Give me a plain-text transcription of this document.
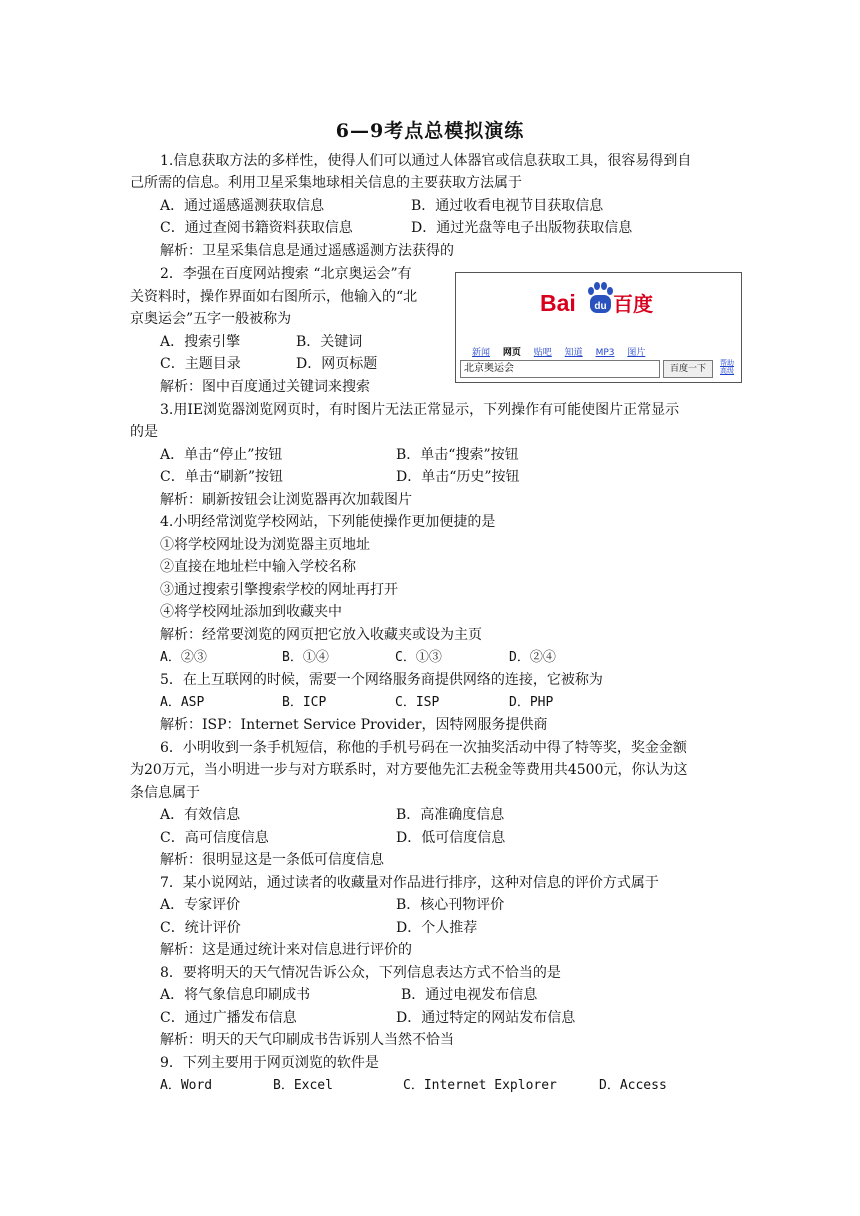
6—9考点总模拟演练
1.信息获取方法的多样性，使得人们可以通过人体器官或信息获取工具，很容易得到自
己所需的信息。利用卫星采集地球相关信息的主要获取方法属于
A．通过遥感遥测获取信息	B．通过收看电视节目获取信息
C．通过查阅书籍资料获取信息	D．通过光盘等电子出版物获取信息
解析：卫星采集信息是通过遥感遥测方法获得的
2．李强在百度网站搜索 “北京奥运会”有
关资料时，操作界面如右图所示，他输入的“北
京奥运会”五字一般被称为
A．搜索引擎	B．关键词
C．主题目录	D．网页标题
解析：图中百度通过关键词来搜索
Bai du 百度
新闻 网页 贴吧 知道 MP3 图片
北京奥运会	百度一下
帮助
高级
3.用IE浏览器浏览网页时，有时图片无法正常显示，下列操作有可能使图片正常显示
的是
A．单击“停止”按钮	B．单击“搜索”按钮
C．单击“刷新”按钮	D．单击“历史”按钮
解析：刷新按钮会让浏览器再次加载图片
4.小明经常浏览学校网站，下列能使操作更加便捷的是
①将学校网址设为浏览器主页地址
②直接在地址栏中输入学校名称
③通过搜索引擎搜索学校的网址再打开
④将学校网址添加到收藏夹中
解析：经常要浏览的网页把它放入收藏夹或设为主页
A．②③	B．①④	C．①③	D．②④
5．在上互联网的时候，需要一个网络服务商提供网络的连接，它被称为
A．ASP	B．ICP	C．ISP	D．PHP
解析：ISP：Internet Service Provider，因特网服务提供商
6．小明收到一条手机短信，称他的手机号码在一次抽奖活动中得了特等奖，奖金金额
为20万元，当小明进一步与对方联系时，对方要他先汇去税金等费用共4500元，你认为这
条信息属于
A．有效信息	B．高准确度信息
C．高可信度信息	D．低可信度信息
解析：很明显这是一条低可信度信息
7．某小说网站，通过读者的收藏量对作品进行排序，这种对信息的评价方式属于
A．专家评价	B．核心刊物评价
C．统计评价	D．个人推荐
解析：这是通过统计来对信息进行评价的
8．要将明天的天气情况告诉公众，下列信息表达方式不恰当的是
A．将气象信息印刷成书	B．通过电视发布信息
C．通过广播发布信息	D．通过特定的网站发布信息
解析：明天的天气印刷成书告诉别人当然不恰当
9．下列主要用于网页浏览的软件是
A．Word	B．Excel	C．Internet Explorer	D．Access
